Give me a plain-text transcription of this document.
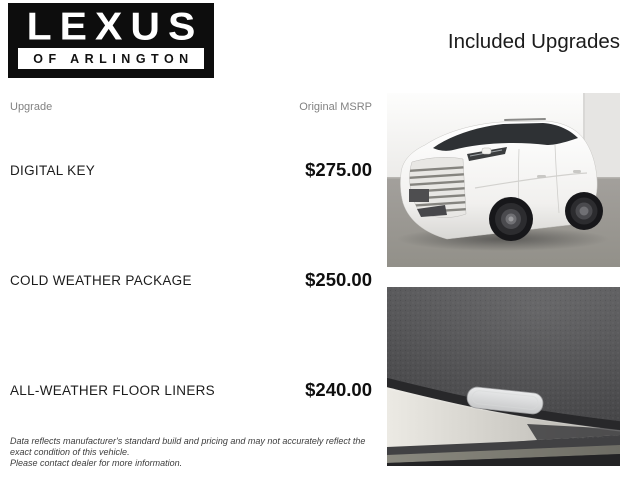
LEXUS
OF ARLINGTON
Included Upgrades
Upgrade	Original MSRP
DIGITAL KEY	$275.00
COLD WEATHER PACKAGE	$250.00
ALL-WEATHER FLOOR LINERS	$240.00
Data reflects manufacturer's standard build and pricing and may not accurately reflect the exact condition of this vehicle.
Please contact dealer for more information.
